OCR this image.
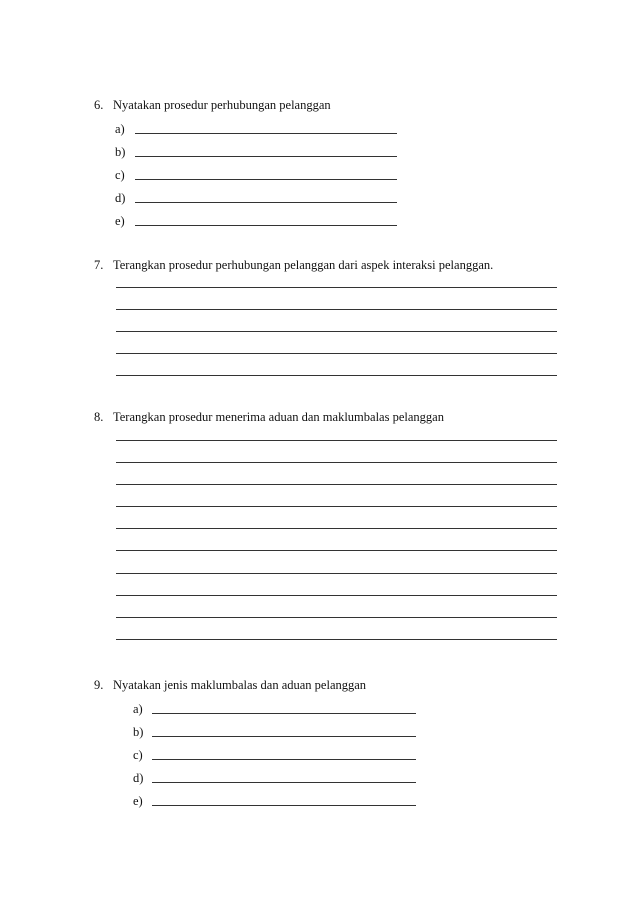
6. Nyatakan prosedur perhubungan pelanggan
a)
b)
c)
d)
e)
7. Terangkan prosedur perhubungan pelanggan dari aspek interaksi pelanggan.
8. Terangkan prosedur menerima aduan dan maklumbalas pelanggan
9. Nyatakan jenis maklumbalas dan aduan pelanggan
a)
b)
c)
d)
e)
